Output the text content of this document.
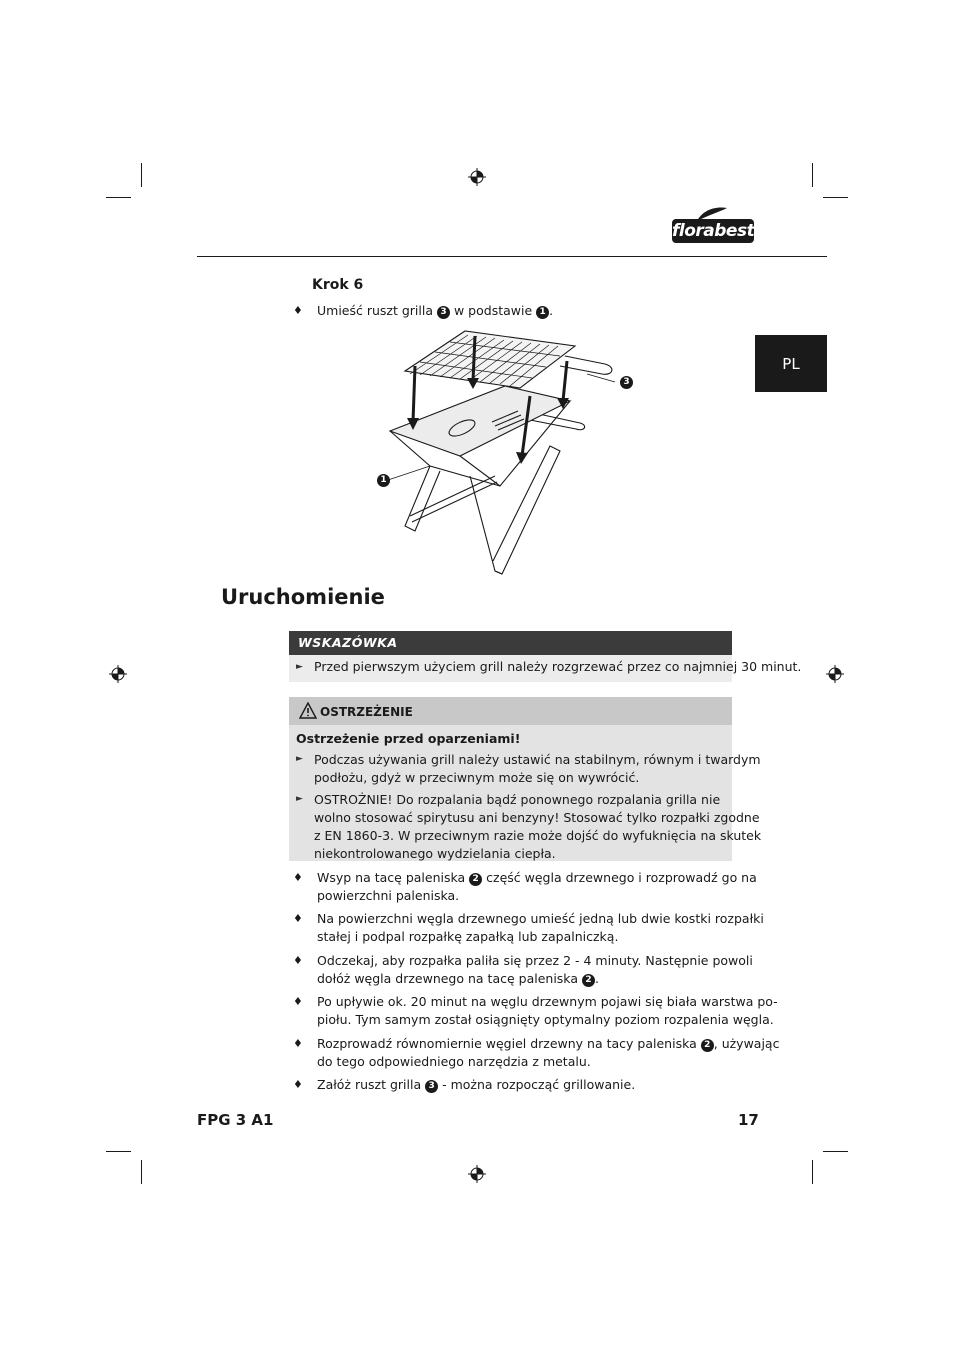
florabest
PL
Krok 6
♦ Umieść ruszt grilla 3 w podstawie 1 .
3
1
Uruchomienie
WSKAZÓWKA
► Przed pierwszym użyciem grill należy rozgrzewać przez co najmniej 30 minut.
OSTRZEŻENIE
Ostrzeżenie przed oparzeniami!
► Podczas używania grill należy ustawić na stabilnym, równym i twardym
podłożu, gdyż w przeciwnym może się on wywrócić.
► OSTROŻNIE! Do rozpalania bądź ponownego rozpalania grilla nie
wolno stosować spirytusu ani benzyny! Stosować tylko rozpałki zgodne
z EN 1860-3. W przeciwnym razie może dojść do wyfuknięcia na skutek
niekontrolowanego wydzielania ciepła.
♦ Wsyp na tacę paleniska 2 część węgla drzewnego i rozprowadź go na
powierzchni paleniska.
♦ Na powierzchni węgla drzewnego umieść jedną lub dwie kostki rozpałki
stałej i podpal rozpałkę zapałką lub zapalniczką.
♦ Odczekaj, aby rozpałka paliła się przez 2 - 4 minuty. Następnie powoli
dołóż węgla drzewnego na tacę paleniska 2 .
♦ Po upływie ok. 20 minut na węglu drzewnym pojawi się biała warstwa po-
piołu. Tym samym został osiągnięty optymalny poziom rozpalenia węgla.
♦ Rozprowadź równomiernie węgiel drzewny na tacy paleniska 2 , używając
do tego odpowiedniego narzędzia z metalu.
♦ Załóż ruszt grilla 3 - można rozpocząć grillowanie.
FPG 3 A1	17
